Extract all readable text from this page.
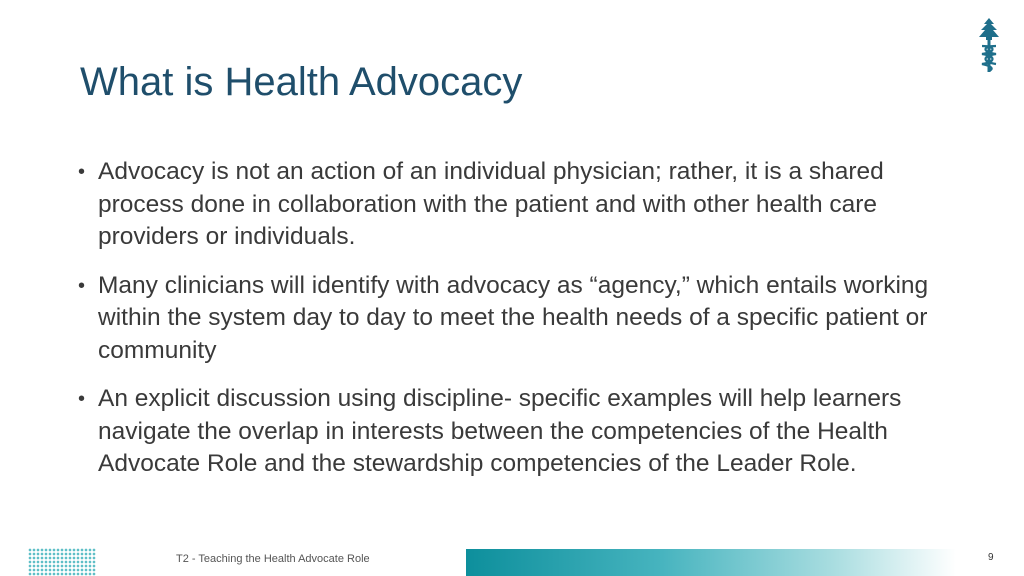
What is Health Advocacy
• Advocacy is not an action of an individual physician; rather, it is a shared process done in collaboration with the patient and with other health care providers or individuals.
• Many clinicians will identify with advocacy as “agency,” which entails working within the system day to day to meet the health needs of a specific patient or community
• An explicit discussion using discipline- specific examples will help learners navigate the overlap in interests between the competencies of the Health Advocate Role and the stewardship competencies of the Leader Role.
T2 - Teaching the Health Advocate Role	9
